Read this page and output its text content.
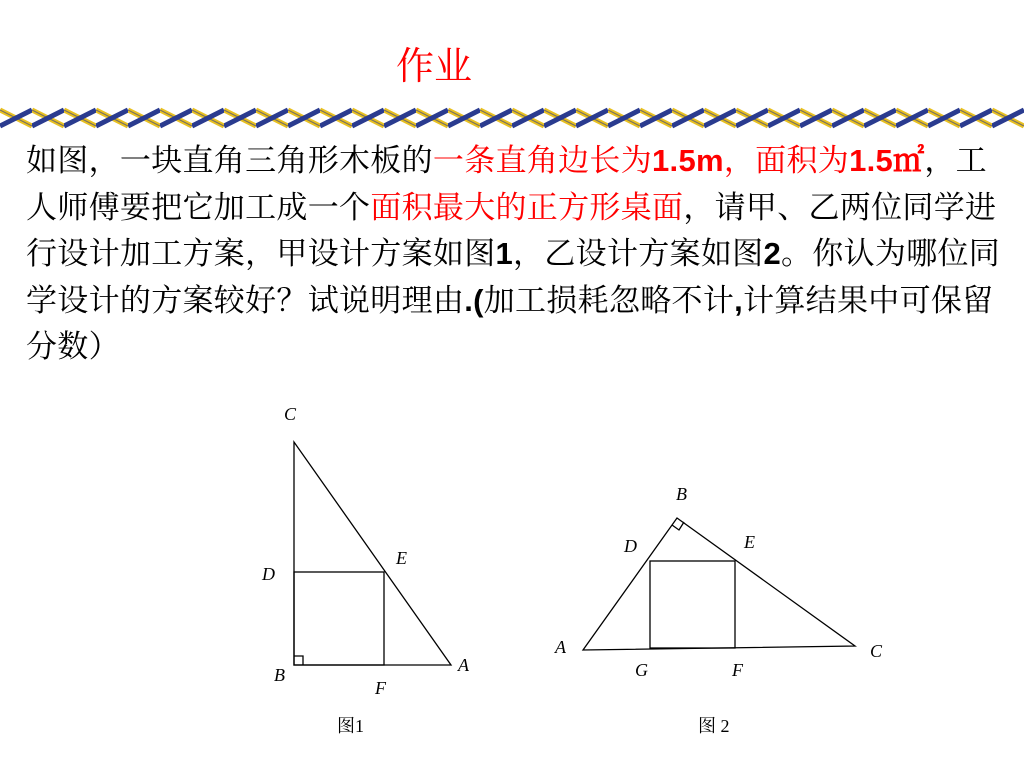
作业
如图，一块直角三角形木板的一条直角边长为1.5m，面积为1.5㎡，工人师傅要把它加工成一个面积最大的正方形桌面，请甲、乙两位同学进行设计加工方案，甲设计方案如图1，乙设计方案如图2。你认为哪位同学设计的方案较好？试说明理由.(加工损耗忽略不计,计算结果中可保留分数）
C
D
E
B
F
A
图1
B
D	E
A	C
G	F
图 2
